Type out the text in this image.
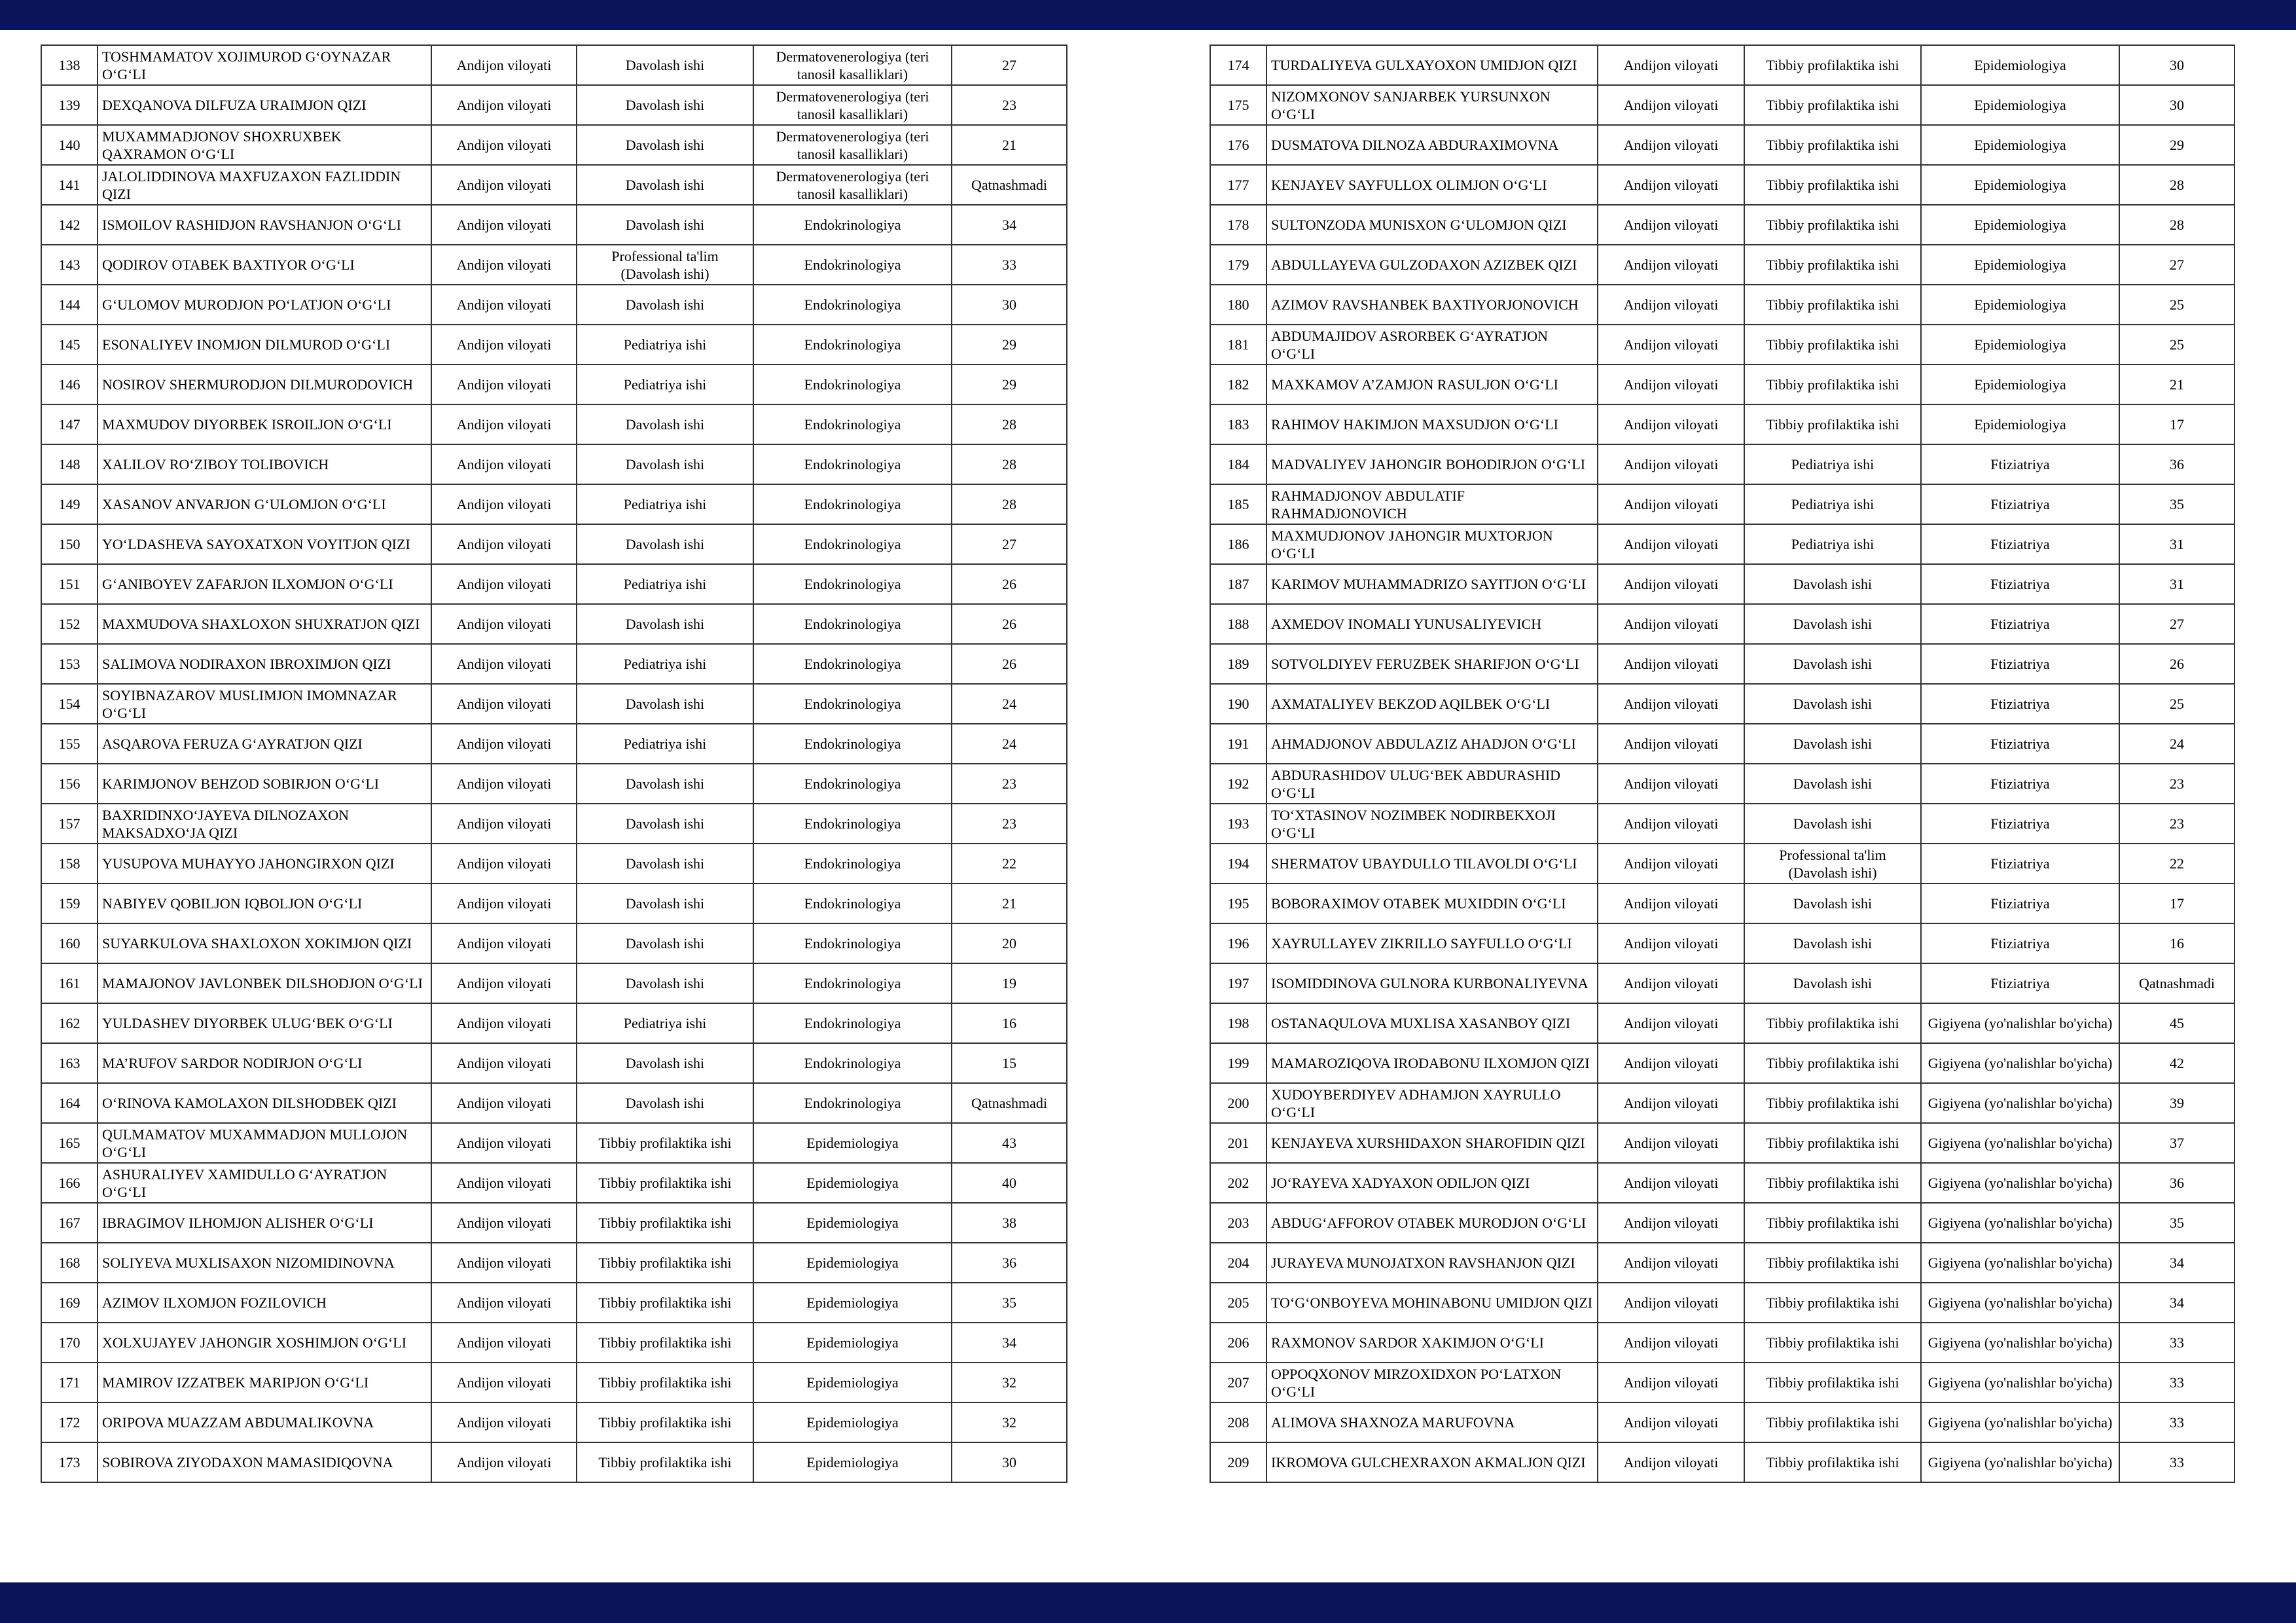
138	TOSHMAMATOV XOJIMUROD G‘OYNAZAR O‘G‘LI	Andijon viloyati	Davolash ishi	Dermatovenerologiya (teri tanosil kasalliklari)	27
139	DEXQANOVA DILFUZA URAIMJON QIZI	Andijon viloyati	Davolash ishi	Dermatovenerologiya (teri tanosil kasalliklari)	23
140	MUXAMMADJONOV SHOXRUXBEK QAXRAMON O‘G‘LI	Andijon viloyati	Davolash ishi	Dermatovenerologiya (teri tanosil kasalliklari)	21
141	JALOLIDDINOVA MAXFUZAXON FAZLIDDIN QIZI	Andijon viloyati	Davolash ishi	Dermatovenerologiya (teri tanosil kasalliklari)	Qatnashmadi
142	ISMOILOV RASHIDJON RAVSHANJON O‘G‘LI	Andijon viloyati	Davolash ishi	Endokrinologiya	34
143	QODIROV OTABEK BAXTIYOR O‘G‘LI	Andijon viloyati	Professional ta'lim (Davolash ishi)	Endokrinologiya	33
144	G‘ULOMOV MURODJON PO‘LATJON O‘G‘LI	Andijon viloyati	Davolash ishi	Endokrinologiya	30
145	ESONALIYEV INOMJON DILMUROD O‘G‘LI	Andijon viloyati	Pediatriya ishi	Endokrinologiya	29
146	NOSIROV SHERMURODJON DILMURODOVICH	Andijon viloyati	Pediatriya ishi	Endokrinologiya	29
147	MAXMUDOV DIYORBEK ISROILJON O‘G‘LI	Andijon viloyati	Davolash ishi	Endokrinologiya	28
148	XALILOV RO‘ZIBOY TOLIBOVICH	Andijon viloyati	Davolash ishi	Endokrinologiya	28
149	XASANOV ANVARJON G‘ULOMJON O‘G‘LI	Andijon viloyati	Pediatriya ishi	Endokrinologiya	28
150	YO‘LDASHEVA SAYOXATXON VOYITJON QIZI	Andijon viloyati	Davolash ishi	Endokrinologiya	27
151	G‘ANIBOYEV ZAFARJON ILXOMJON O‘G‘LI	Andijon viloyati	Pediatriya ishi	Endokrinologiya	26
152	MAXMUDOVA SHAXLOXON SHUXRATJON QIZI	Andijon viloyati	Davolash ishi	Endokrinologiya	26
153	SALIMOVA NODIRAXON IBROXIMJON QIZI	Andijon viloyati	Pediatriya ishi	Endokrinologiya	26
154	SOYIBNAZAROV MUSLIMJON IMOMNAZAR O‘G‘LI	Andijon viloyati	Davolash ishi	Endokrinologiya	24
155	ASQAROVA FERUZA G‘AYRATJON QIZI	Andijon viloyati	Pediatriya ishi	Endokrinologiya	24
156	KARIMJONOV BEHZOD SOBIRJON O‘G‘LI	Andijon viloyati	Davolash ishi	Endokrinologiya	23
157	BAXRIDINXO‘JAYEVA DILNOZAXON MAKSADXO‘JA QIZI	Andijon viloyati	Davolash ishi	Endokrinologiya	23
158	YUSUPOVA MUHAYYO JAHONGIRXON QIZI	Andijon viloyati	Davolash ishi	Endokrinologiya	22
159	NABIYEV QOBILJON IQBOLJON O‘G‘LI	Andijon viloyati	Davolash ishi	Endokrinologiya	21
160	SUYARKULOVA SHAXLOXON XOKIMJON QIZI	Andijon viloyati	Davolash ishi	Endokrinologiya	20
161	MAMAJONOV JAVLONBEK DILSHODJON O‘G‘LI	Andijon viloyati	Davolash ishi	Endokrinologiya	19
162	YULDASHEV DIYORBEK ULUG‘BEK O‘G‘LI	Andijon viloyati	Pediatriya ishi	Endokrinologiya	16
163	MA’RUFOV SARDOR NODIRJON O‘G‘LI	Andijon viloyati	Davolash ishi	Endokrinologiya	15
164	O‘RINOVA KAMOLAXON DILSHODBEK QIZI	Andijon viloyati	Davolash ishi	Endokrinologiya	Qatnashmadi
165	QULMAMATOV MUXAMMADJON MULLOJON O‘G‘LI	Andijon viloyati	Tibbiy profilaktika ishi	Epidemiologiya	43
166	ASHURALIYEV XAMIDULLO G‘AYRATJON O‘G‘LI	Andijon viloyati	Tibbiy profilaktika ishi	Epidemiologiya	40
167	IBRAGIMOV ILHOMJON ALISHER O‘G‘LI	Andijon viloyati	Tibbiy profilaktika ishi	Epidemiologiya	38
168	SOLIYEVA MUXLISAXON NIZOMIDINOVNA	Andijon viloyati	Tibbiy profilaktika ishi	Epidemiologiya	36
169	AZIMOV ILXOMJON FOZILOVICH	Andijon viloyati	Tibbiy profilaktika ishi	Epidemiologiya	35
170	XOLXUJAYEV JAHONGIR XOSHIMJON O‘G‘LI	Andijon viloyati	Tibbiy profilaktika ishi	Epidemiologiya	34
171	MAMIROV IZZATBEK MARIPJON O‘G‘LI	Andijon viloyati	Tibbiy profilaktika ishi	Epidemiologiya	32
172	ORIPOVA MUAZZAM ABDUMALIKOVNA	Andijon viloyati	Tibbiy profilaktika ishi	Epidemiologiya	32
173	SOBIROVA ZIYODAXON MAMASIDIQOVNA	Andijon viloyati	Tibbiy profilaktika ishi	Epidemiologiya	30
174	TURDALIYEVA GULXAYOXON UMIDJON QIZI	Andijon viloyati	Tibbiy profilaktika ishi	Epidemiologiya	30
175	NIZOMXONOV SANJARBEK YURSUNXON O‘G‘LI	Andijon viloyati	Tibbiy profilaktika ishi	Epidemiologiya	30
176	DUSMATOVA DILNOZA ABDURAXIMOVNA	Andijon viloyati	Tibbiy profilaktika ishi	Epidemiologiya	29
177	KENJAYEV SAYFULLOX OLIMJON O‘G‘LI	Andijon viloyati	Tibbiy profilaktika ishi	Epidemiologiya	28
178	SULTONZODA MUNISXON G‘ULOMJON QIZI	Andijon viloyati	Tibbiy profilaktika ishi	Epidemiologiya	28
179	ABDULLAYEVA GULZODAXON AZIZBEK QIZI	Andijon viloyati	Tibbiy profilaktika ishi	Epidemiologiya	27
180	AZIMOV RAVSHANBEK BAXTIYORJONOVICH	Andijon viloyati	Tibbiy profilaktika ishi	Epidemiologiya	25
181	ABDUMAJIDOV ASRORBEK G‘AYRATJON O‘G‘LI	Andijon viloyati	Tibbiy profilaktika ishi	Epidemiologiya	25
182	MAXKAMOV A’ZAMJON RASULJON O‘G‘LI	Andijon viloyati	Tibbiy profilaktika ishi	Epidemiologiya	21
183	RAHIMOV HAKIMJON MAXSUDJON O‘G‘LI	Andijon viloyati	Tibbiy profilaktika ishi	Epidemiologiya	17
184	MADVALIYEV JAHONGIR BOHODIRJON O‘G‘LI	Andijon viloyati	Pediatriya ishi	Ftiziatriya	36
185	RAHMADJONOV ABDULATIF RAHMADJONOVICH	Andijon viloyati	Pediatriya ishi	Ftiziatriya	35
186	MAXMUDJONOV JAHONGIR MUXTORJON O‘G‘LI	Andijon viloyati	Pediatriya ishi	Ftiziatriya	31
187	KARIMOV MUHAMMADRIZO SAYITJON O‘G‘LI	Andijon viloyati	Davolash ishi	Ftiziatriya	31
188	AXMEDOV INOMALI YUNUSALIYEVICH	Andijon viloyati	Davolash ishi	Ftiziatriya	27
189	SOTVOLDIYEV FERUZBEK SHARIFJON O‘G‘LI	Andijon viloyati	Davolash ishi	Ftiziatriya	26
190	AXMATALIYEV BEKZOD AQILBEK O‘G‘LI	Andijon viloyati	Davolash ishi	Ftiziatriya	25
191	AHMADJONOV ABDULAZIZ AHADJON O‘G‘LI	Andijon viloyati	Davolash ishi	Ftiziatriya	24
192	ABDURASHIDOV ULUG‘BEK ABDURASHID O‘G‘LI	Andijon viloyati	Davolash ishi	Ftiziatriya	23
193	TO‘XTASINOV NOZIMBEK NODIRBEKXOJI O‘G‘LI	Andijon viloyati	Davolash ishi	Ftiziatriya	23
194	SHERMATOV UBAYDULLO TILAVOLDI O‘G‘LI	Andijon viloyati	Professional ta'lim (Davolash ishi)	Ftiziatriya	22
195	BOBORAXIMOV OTABEK MUXIDDIN O‘G‘LI	Andijon viloyati	Davolash ishi	Ftiziatriya	17
196	XAYRULLAYEV ZIKRILLO SAYFULLO O‘G‘LI	Andijon viloyati	Davolash ishi	Ftiziatriya	16
197	ISOMIDDINOVA GULNORA KURBONALIYEVNA	Andijon viloyati	Davolash ishi	Ftiziatriya	Qatnashmadi
198	OSTANAQULOVA MUXLISA XASANBOY QIZI	Andijon viloyati	Tibbiy profilaktika ishi	Gigiyena (yo'nalishlar bo'yicha)	45
199	MAMAROZIQOVA IRODABONU ILXOMJON QIZI	Andijon viloyati	Tibbiy profilaktika ishi	Gigiyena (yo'nalishlar bo'yicha)	42
200	XUDOYBERDIYEV ADHAMJON XAYRULLO O‘G‘LI	Andijon viloyati	Tibbiy profilaktika ishi	Gigiyena (yo'nalishlar bo'yicha)	39
201	KENJAYEVA XURSHIDAXON SHAROFIDIN QIZI	Andijon viloyati	Tibbiy profilaktika ishi	Gigiyena (yo'nalishlar bo'yicha)	37
202	JO‘RAYEVA XADYAXON ODILJON QIZI	Andijon viloyati	Tibbiy profilaktika ishi	Gigiyena (yo'nalishlar bo'yicha)	36
203	ABDUG‘AFFOROV OTABEK MURODJON O‘G‘LI	Andijon viloyati	Tibbiy profilaktika ishi	Gigiyena (yo'nalishlar bo'yicha)	35
204	JURAYEVA MUNOJATXON RAVSHANJON QIZI	Andijon viloyati	Tibbiy profilaktika ishi	Gigiyena (yo'nalishlar bo'yicha)	34
205	TO‘G‘ONBOYEVA MOHINABONU UMIDJON QIZI	Andijon viloyati	Tibbiy profilaktika ishi	Gigiyena (yo'nalishlar bo'yicha)	34
206	RAXMONOV SARDOR XAKIMJON O‘G‘LI	Andijon viloyati	Tibbiy profilaktika ishi	Gigiyena (yo'nalishlar bo'yicha)	33
207	OPPOQXONOV MIRZOXIDXON PO‘LATXON O‘G‘LI	Andijon viloyati	Tibbiy profilaktika ishi	Gigiyena (yo'nalishlar bo'yicha)	33
208	ALIMOVA SHAXNOZA MARUFOVNA	Andijon viloyati	Tibbiy profilaktika ishi	Gigiyena (yo'nalishlar bo'yicha)	33
209	IKROMOVA GULCHEXRAXON AKMALJON QIZI	Andijon viloyati	Tibbiy profilaktika ishi	Gigiyena (yo'nalishlar bo'yicha)	33
